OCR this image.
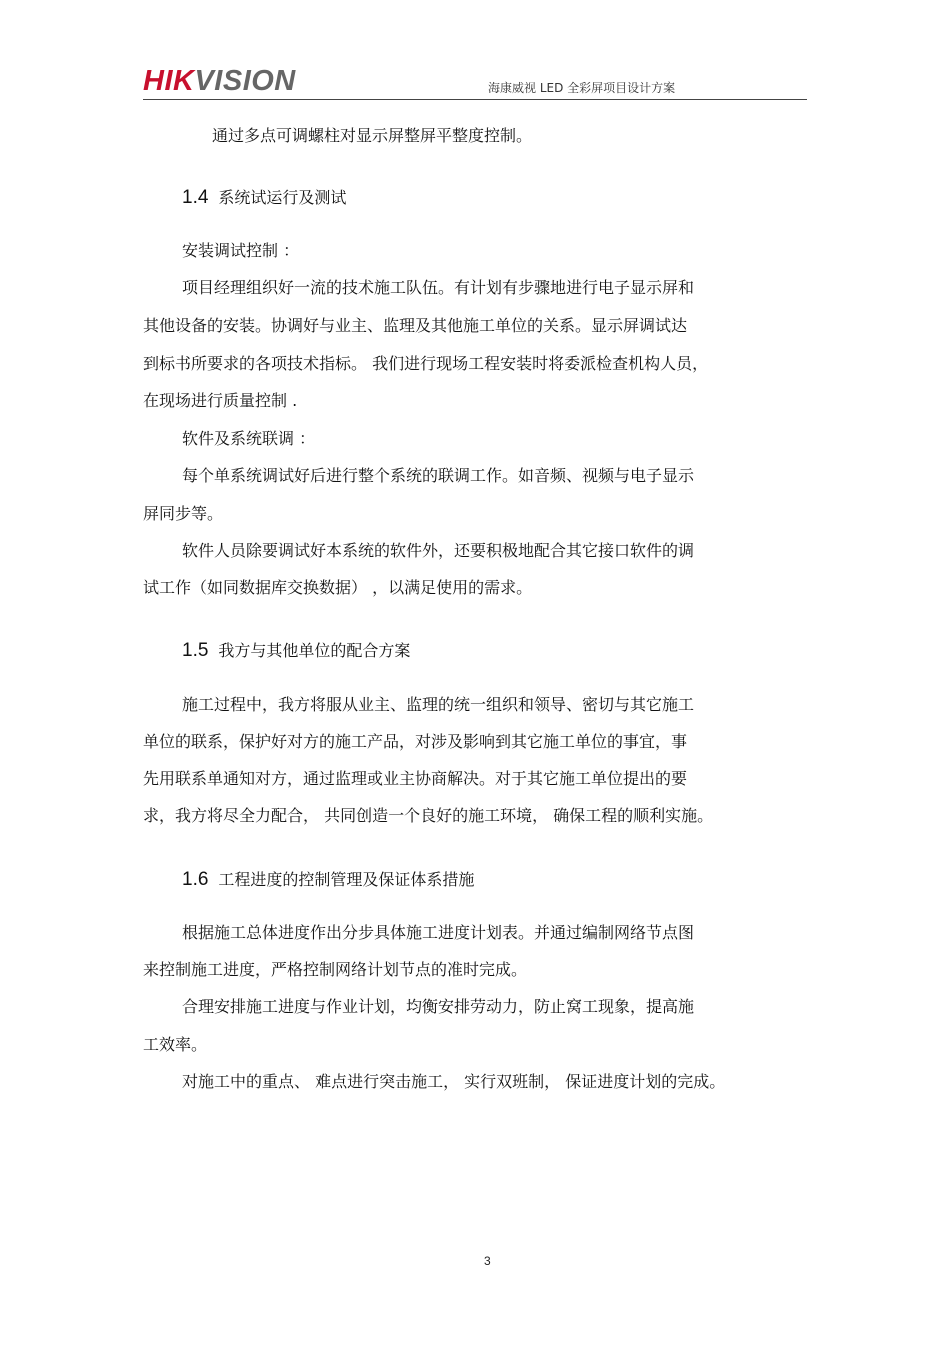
HIKVISION	海康威视 LED 全彩屏项目设计方案
通过多点可调螺柱对显示屏整屏平整度控制。
1.4 系统试运行及测试
安装调试控制 ：
项目经理组织好一流的技术施工队伍。有计划有步骤地进行电子显示屏和
其他设备的安装。协调好与业主、监理及其他施工单位的关系。显示屏调试达
到标书所要求的各项技术指标。 我们进行现场工程安装时将委派检查机构人员，
在现场进行质量控制 .
软件及系统联调 ：
每个单系统调试好后进行整个系统的联调工作。如音频、视频与电子显示
屏同步等。
软件人员除要调试好本系统的软件外，还要积极地配合其它接口软件的调
试工作（如同数据库交换数据） ，以满足使用的需求。
1.5 我方与其他单位的配合方案
施工过程中，我方将服从业主、监理的统一组织和领导、密切与其它施工
单位的联系，保护好对方的施工产品，对涉及影响到其它施工单位的事宜，事
先用联系单通知对方，通过监理或业主协商解决。对于其它施工单位提出的要
求，我方将尽全力配合， 共同创造一个良好的施工环境， 确保工程的顺利实施。
1.6 工程进度的控制管理及保证体系措施
根据施工总体进度作出分步具体施工进度计划表。并通过编制网络节点图
来控制施工进度，严格控制网络计划节点的准时完成。
合理安排施工进度与作业计划，均衡安排劳动力，防止窝工现象，提高施
工效率。
对施工中的重点、 难点进行突击施工， 实行双班制， 保证进度计划的完成。
3
